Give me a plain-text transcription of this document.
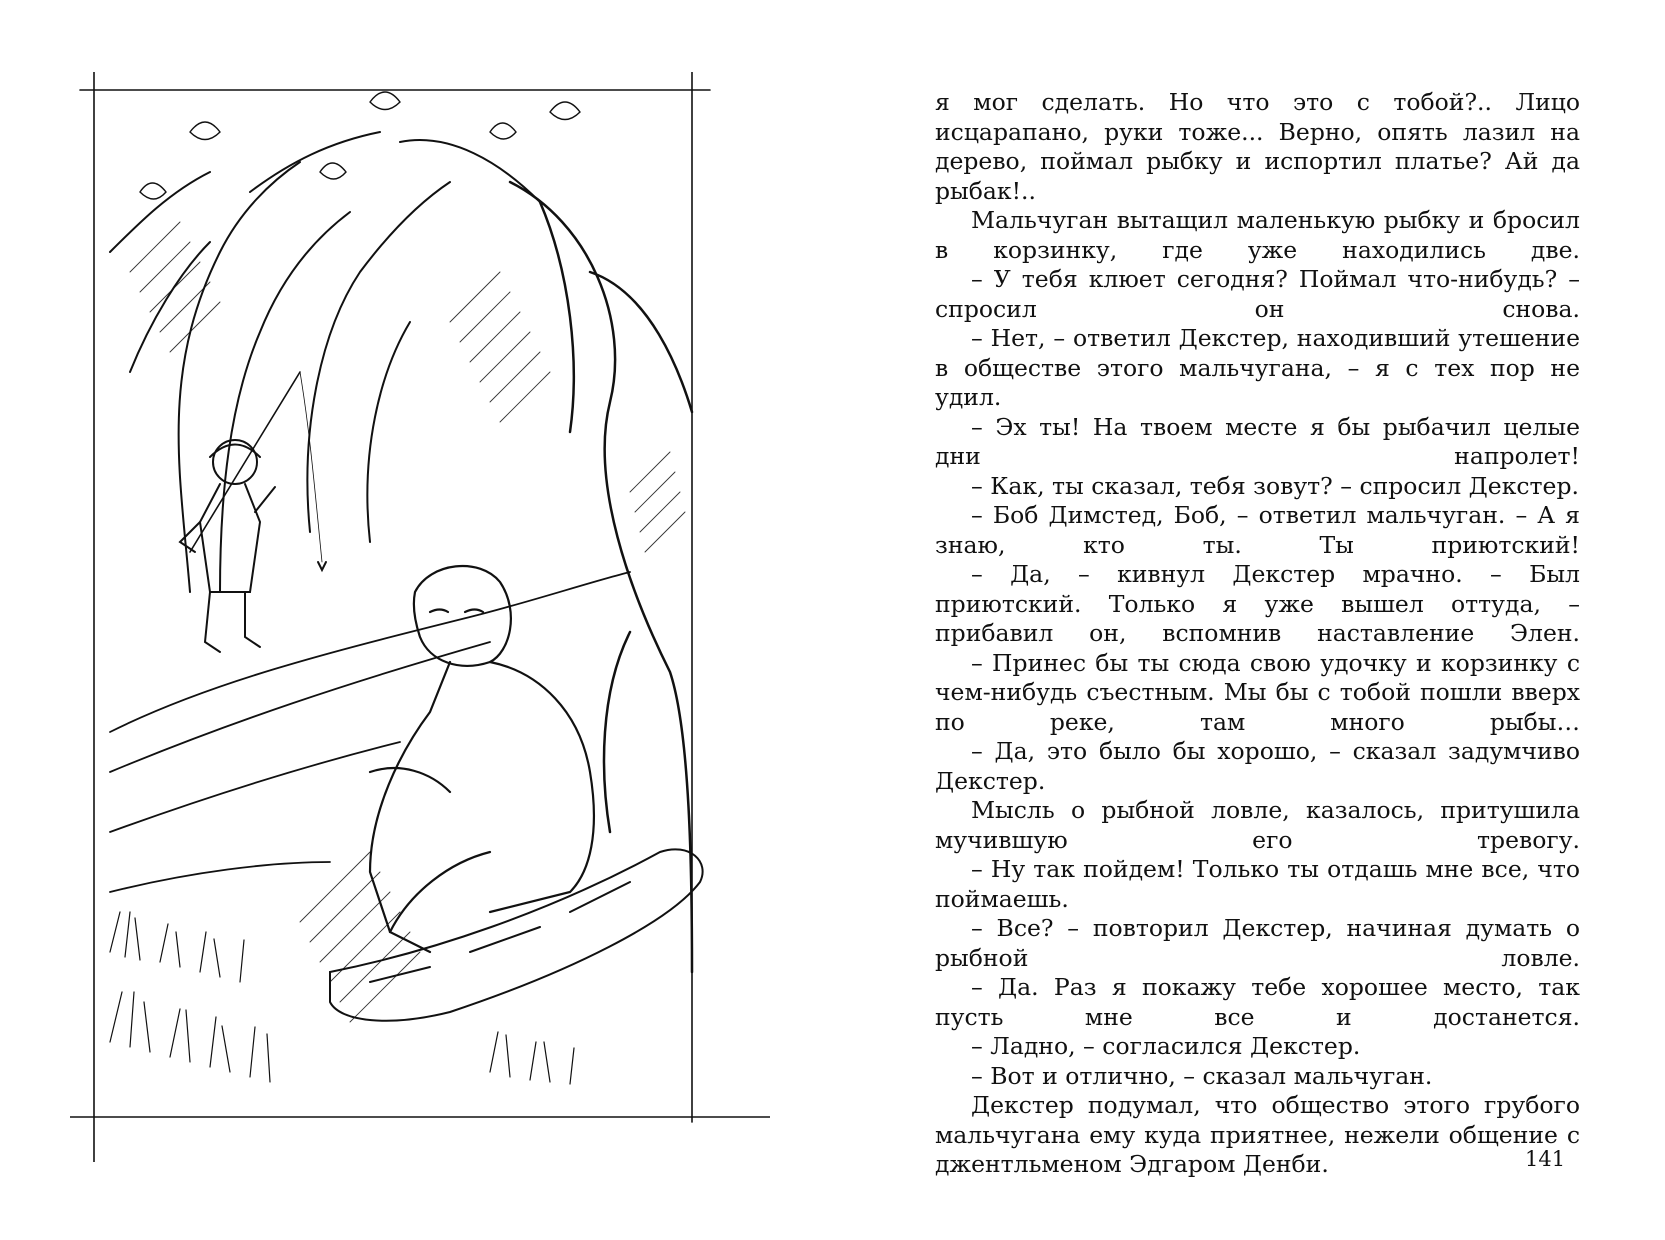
я мог сделать. Но что это с тобой?.. Лицо исцарапано, руки тоже... Верно, опять лазил на дерево, поймал рыбку и испортил платье? Ай да рыбак!..

Мальчуган вытащил маленькую рыбку и бросил в корзинку, где уже находились две.

– У тебя клюет сегодня? Поймал что-нибудь? – спросил он снова.

– Нет, – ответил Декстер, находивший утешение в обществе этого мальчугана, – я с тех пор не удил.

– Эх ты! На твоем месте я бы рыбачил целые дни напролет!

– Как, ты сказал, тебя зовут? – спросил Декстер.

– Боб Димстед, Боб, – ответил мальчуган. – А я знаю, кто ты. Ты приютский!

– Да, – кивнул Декстер мрачно. – Был приютский. Только я уже вышел оттуда, – прибавил он, вспомнив наставление Элен.

– Принес бы ты сюда свою удочку и корзинку с чем-нибудь съестным. Мы бы с тобой пошли вверх по реке, там много рыбы…

– Да, это было бы хорошо, – сказал задумчиво Декстер.

Мысль о рыбной ловле, казалось, притушила мучившую его тревогу.

– Ну так пойдем! Только ты отдашь мне все, что поймаешь.

– Все? – повторил Декстер, начиная думать о рыбной ловле.

– Да. Раз я покажу тебе хорошее место, так пусть мне все и достанется.

– Ладно, – согласился Декстер.

– Вот и отлично, – сказал мальчуган.

Декстер подумал, что общество этого грубого мальчугана ему куда приятнее, нежели общение с джентльменом Эдгаром Денби.	141
